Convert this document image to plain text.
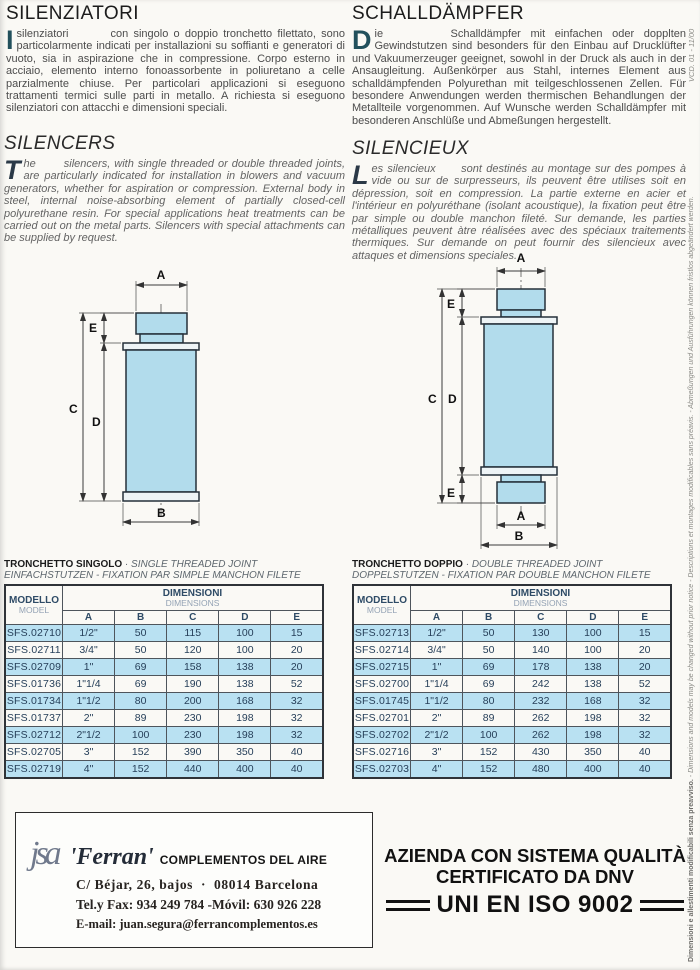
SILENZIATORI

Isilenziatori        con singolo o doppio tronchetto filettato, sono particolarmente indicati per installazioni su soffianti e generatori di vuoto, sia in aspirazione che in compressione. Corpo esterno in acciaio, elemento interno fonoassorbente in poliuretano a celle parzialmente chiuse. Per particolari applicazioni si eseguono trattamenti termici sulle parti in metallo. A richiesta si eseguono silenziatori con attacchi e dimensioni speciali.

SCHALLDÄMPFER

Die       Schalldämpfer mit einfachen oder dopplten Gewindstutzen sind besonders für den Einbau auf Drucklüfter und Vakuumerzeuger geeignet, sowohl in der Druck als auch in der Ansaugleitung. Außenkörper aus Stahl, internes Element aus schalldämpfenden Polyurethan mit teilgeschlossenen Zellen. Für besondere Anwendungen werden thermischen Behandlungen der Metallteile vorgenommen. Auf Wunsche werden Schalldämpfer mit besonderen Anschlüße und Abmeßungen hergestellt.

SILENCERS

The       silencers, with single threaded or double threaded joints, are particularly indicated for installation in blowers and vacuum generators, whether for aspiration or compression. External body in steel, internal noise-absorbing element of partially closed-cell polyurethane resin. For special applications heat treatments can be carried out on the metal parts. Silencers with special attachments can be supplied by request.

SILENCIEUX

Les silencieux      sont destinés au montage sur des pompes à vide ou sur de surpresseurs, ils peuvent être utilises soit en dépression, soit en compression. La partie externe en acier et l'intérieur en polyuréthane (isolant acoustique), la fixation peut être par simple ou double manchon fileté. Sur demande, les parties métalliques peuvent àtre réalisées avec des spéciaux traitements thermiques. Sur demande on peut fournir des silencieux avec attaques et dimensions speciales.

A
E
C
D
B
A
E
C D
E
A
B
TRONCHETTO SINGOLO · SINGLE THREADED JOINT
EINFACHSTUTZEN - FIXATION PAR SIMPLE MANCHON FILETE
MODELLO
MODEL

DIMENSIONI
DIMENSIONS

	A	B	C	D	E
SFS.02710	1/2"	50	115	100	15
SFS.02711	3/4"	50	120	100	20
SFS.02709	1"	69	158	138	20
SFS.01736	1"1/4	69	190	138	52
SFS.01734	1"1/2	80	200	168	32
SFS.01737	2"	89	230	198	32
SFS.02712	2"1/2	100	230	198	32
SFS.02705	3"	152	390	350	40
SFS.02719	4"	152	440	400	40
TRONCHETTO DOPPIO · DOUBLE THREADED JOINT
DOPPELSTUTZEN - FIXATION PAR DOUBLE MANCHON FILETE
MODELLO
MODEL

DIMENSIONI
DIMENSIONS

	A	B	C	D	E
SFS.02713	1/2"	50	130	100	15
SFS.02714	3/4"	50	140	100	20
SFS.02715	1"	69	178	138	20
SFS.02700	1"1/4	69	242	138	52
SFS.01745	1"1/2	80	232	168	32
SFS.02701	2"	89	262	198	32
SFS.02702	2"1/2	100	262	198	32
SFS.02716	3"	152	430	350	40
SFS.02703	4"	152	480	400	40
jsa 'Ferran' COMPLEMENTOS DEL AIRE
C/ Béjar, 26, bajos  ·  08014 Barcelona
Tel.y Fax: 934 249 784 -Móvil: 630 926 228
E-mail: juan.segura@ferrancomplementos.es

AZIENDA CON SISTEMA QUALITÀ

CERTIFICATO DA DNV

UNI EN ISO 9002
VCD. 01 - 11/00
Dimensioni e allestimenti modificabili senza preavviso. - Dimensions and models may be changed without prior notice - Descriptions et montages modificables sans préavis. - Abmeßungen und Ausführungen können fristlos abgeändert werden.
